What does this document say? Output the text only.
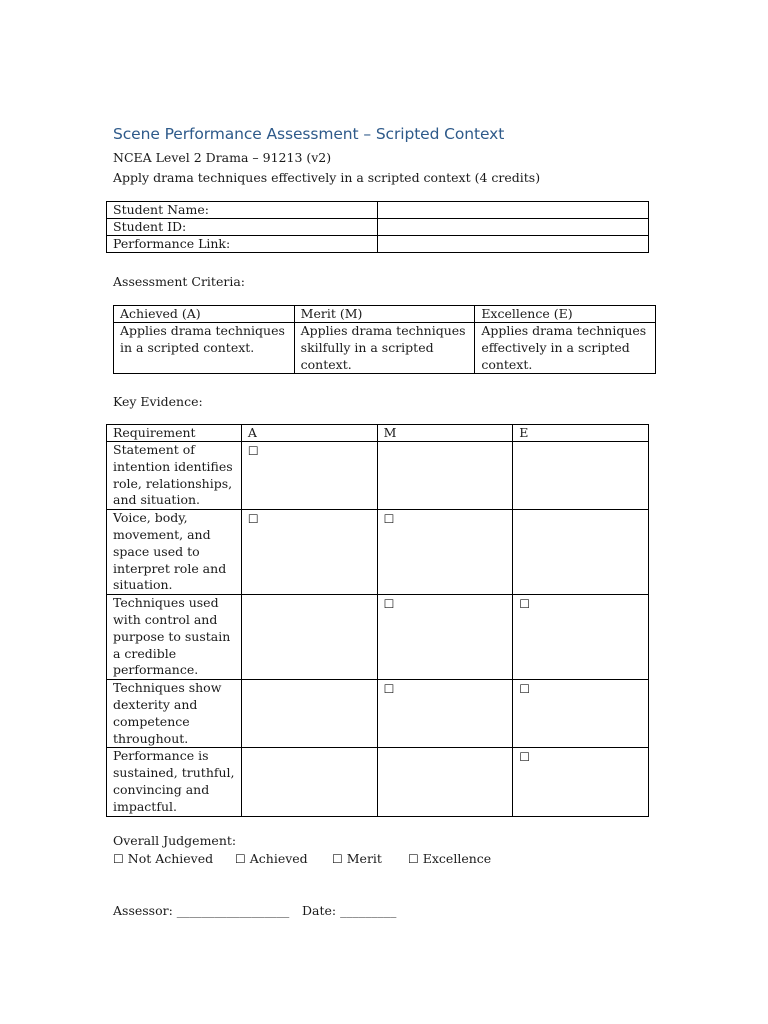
Scene Performance Assessment – Scripted Context
NCEA Level 2 Drama – 91213 (v2)
Apply drama techniques effectively in a scripted context (4 credits)
Student Name:	
Student ID:	
Performance Link:	
Assessment Criteria:
Achieved (A)	Merit (M)	Excellence (E)
Applies drama techniques in a scripted context.	Applies drama techniques skilfully in a scripted context.	Applies drama techniques effectively in a scripted context.
Key Evidence:
Requirement	A	M	E
Statement of intention identifies role, relationships, and situation.	☐		
Voice, body, movement, and space used to interpret role and situation.	☐	☐	
Techniques used with control and purpose to sustain a credible performance.		☐	☐
Techniques show dexterity and competence throughout.		☐	☐
Performance is sustained, truthful, convincing and impactful.			☐
Overall Judgement:
☐ Not Achieved ☐ Achieved ☐ Merit ☐ Excellence
Assessor: __________________ Date: _________
